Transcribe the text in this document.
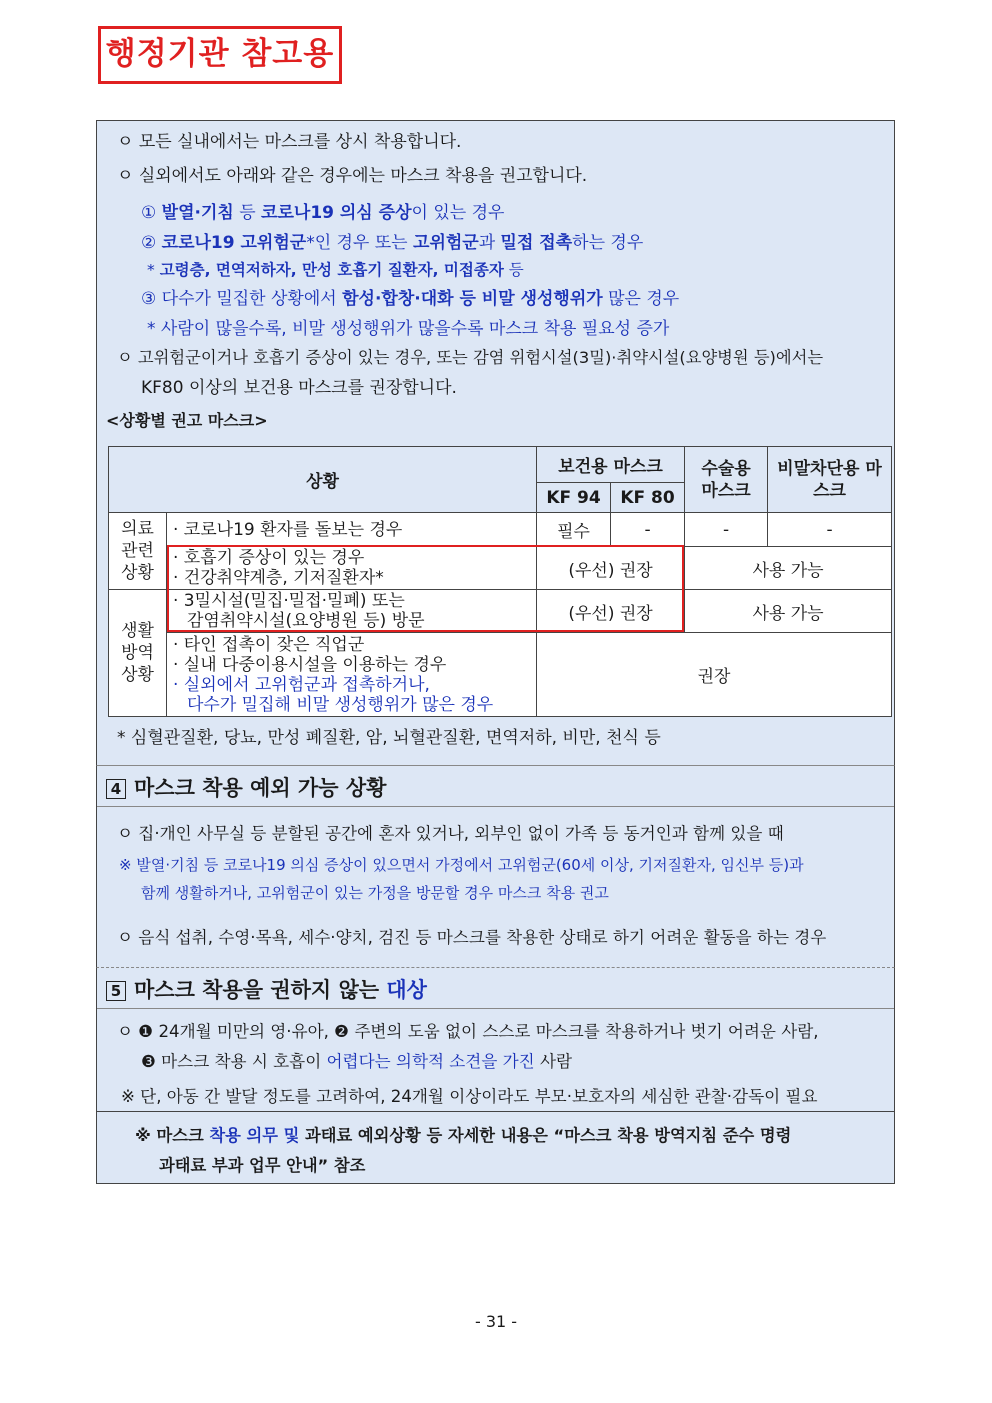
행정기관 참고용
ㅇ 모든 실내에서는 마스크를 상시 착용합니다.
ㅇ 실외에서도 아래와 같은 경우에는 마스크 착용을 권고합니다.
① 발열·기침 등 코로나19 의심 증상이 있는 경우
② 코로나19 고위험군*인 경우 또는 고위험군과 밀접 접촉하는 경우
* 고령층, 면역저하자, 만성 호흡기 질환자, 미접종자 등
③ 다수가 밀집한 상황에서 함성·합창·대화 등 비말 생성행위가 많은 경우
* 사람이 많을수록, 비말 생성행위가 많을수록 마스크 착용 필요성 증가
ㅇ 고위험군이거나 호흡기 증상이 있는 경우, 또는 감염 위험시설(3밀)·취약시설(요양병원 등)에서는
KF80 이상의 보건용 마스크를 권장합니다.
<상황별 권고 마스크>
상황		보건용 마스크		수술용 마스크	비말차단용 마스크
		KF 94	KF 80		
의료 관련 상황	· 코로나19 환자를 돌보는 경우	필수	-	-	-

	· 호흡기 증상이 있는 경우
· 건강취약계층, 기저질환자*	(우선) 권장		사용 가능	
생활 방역 상황	· 3밀시설(밀집·밀접·밀폐) 또는
감염취약시설(요양병원 등) 방문	(우선) 권장		사용 가능	

	· 타인 접촉이 잦은 직업군
· 실내 다중이용시설을 이용하는 경우
· 실외에서 고위험군과 접촉하거나,
다수가 밀집해 비말 생성행위가 많은 경우	권장			
* 심혈관질환, 당뇨, 만성 폐질환, 암, 뇌혈관질환, 면역저하, 비만, 천식 등
4 마스크 착용 예외 가능 상황
ㅇ 집·개인 사무실 등 분할된 공간에 혼자 있거나, 외부인 없이 가족 등 동거인과 함께 있을 때
※ 발열·기침 등 코로나19 의심 증상이 있으면서 가정에서 고위험군(60세 이상, 기저질환자, 임신부 등)과
함께 생활하거나, 고위험군이 있는 가정을 방문할 경우 마스크 착용 권고
ㅇ 음식 섭취, 수영·목욕, 세수·양치, 검진 등 마스크를 착용한 상태로 하기 어려운 활동을 하는 경우
5 마스크 착용을 권하지 않는 대상
ㅇ ❶ 24개월 미만의 영·유아, ❷ 주변의 도움 없이 스스로 마스크를 착용하거나 벗기 어려운 사람,
❸ 마스크 착용 시 호흡이 어렵다는 의학적 소견을 가진 사람
※ 단, 아동 간 발달 정도를 고려하여, 24개월 이상이라도 부모·보호자의 세심한 관찰·감독이 필요
※ 마스크 착용 의무 및 과태료 예외상황 등 자세한 내용은 “마스크 착용 방역지침 준수 명령
과태료 부과 업무 안내” 참조
- 31 -
